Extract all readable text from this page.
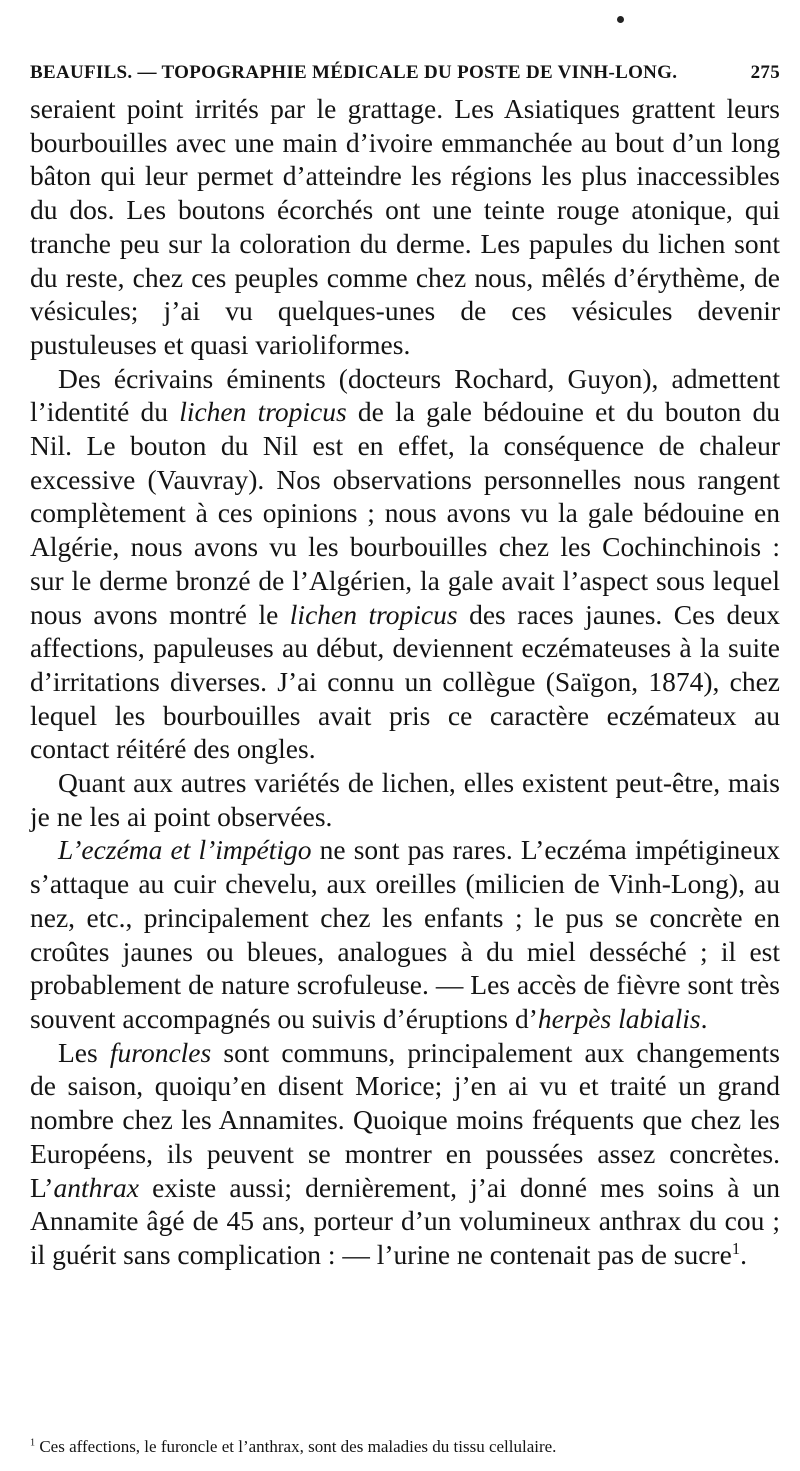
BEAUFILS. — TOPOGRAPHIE MÉDICALE DU POSTE DE VINH-LONG.	275

seraient point irrités par le grattage. Les Asiatiques grattent leurs bourbouilles avec une main d’ivoire emmanchée au bout d’un long bâton qui leur permet d’atteindre les régions les plus inaccessibles du dos. Les boutons écorchés ont une teinte rouge atonique, qui tranche peu sur la coloration du derme. Les papules du lichen sont du reste, chez ces peuples comme chez nous, mêlés d’érythème, de vésicules; j’ai vu quelques-unes de ces vésicules devenir pustuleuses et quasi varioliformes.

Des écrivains éminents (docteurs Rochard, Guyon), admettent l’identité du lichen tropicus de la gale bédouine et du bouton du Nil. Le bouton du Nil est en effet, la conséquence de chaleur excessive (Vauvray). Nos observations personnelles nous rangent complètement à ces opinions ; nous avons vu la gale bédouine en Algérie, nous avons vu les bourbouilles chez les Cochinchinois : sur le derme bronzé de l’Algérien, la gale avait l’aspect sous lequel nous avons montré le lichen tropicus des races jaunes. Ces deux affections, papuleuses au début, deviennent eczémateuses à la suite d’irritations diverses. J’ai connu un collègue (Saïgon, 1874), chez lequel les bourbouilles avait pris ce caractère eczémateux au contact réitéré des ongles.

Quant aux autres variétés de lichen, elles existent peut-être, mais je ne les ai point observées.

L’eczéma et l’impétigo ne sont pas rares. L’eczéma impétigineux s’attaque au cuir chevelu, aux oreilles (milicien de Vinh-Long), au nez, etc., principalement chez les enfants ; le pus se concrète en croûtes jaunes ou bleues, analogues à du miel desséché ; il est probablement de nature scrofuleuse. — Les accès de fièvre sont très souvent accompagnés ou suivis d’éruptions d’herpès labialis.

Les furoncles sont communs, principalement aux changements de saison, quoiqu’en disent Morice; j’en ai vu et traité un grand nombre chez les Annamites. Quoique moins fréquents que chez les Européens, ils peuvent se montrer en poussées assez concrètes. L’anthrax existe aussi; dernièrement, j’ai donné mes soins à un Annamite âgé de 45 ans, porteur d’un volumineux anthrax du cou ; il guérit sans complication : — l’urine ne contenait pas de sucre$^1$.

$^1$ Ces affections, le furoncle et l’anthrax, sont des maladies du tissu cellulaire.
